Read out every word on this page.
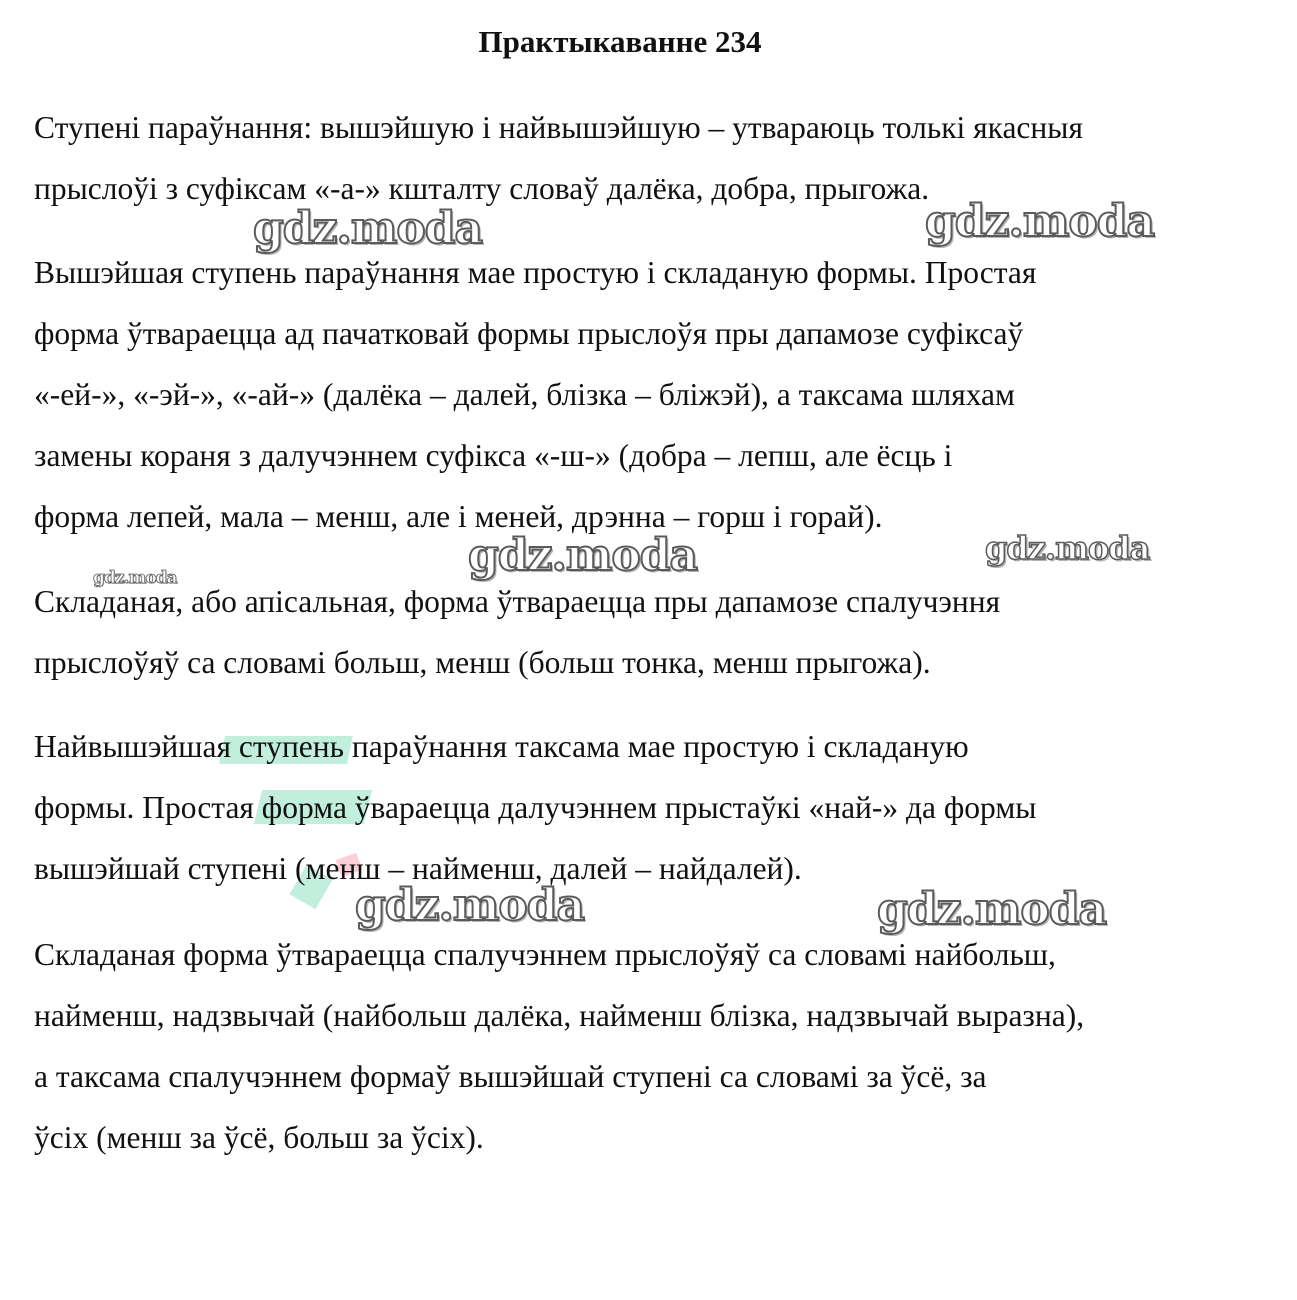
Практыкаванне 234
Ступені параўнання: вышэйшую і найвышэйшую – утвараюць толькі якасныя
прыслоўі з суфіксам «-а-» кшталту словаў далёка, добра, прыгожа.
Вышэйшая ступень параўнання мае простую і складаную формы. Простая
форма ўтвараецца ад пачатковай формы прыслоўя пры дапамозе суфіксаў
«-ей-», «-эй-», «-ай-» (далёка – далей, блізка – бліжэй), а таксама шляхам
замены кораня з далучэннем суфікса «-ш-» (добра – лепш, але ёсць і
форма лепей, мала – менш, але і меней, дрэнна – горш і горай).
Складаная, або апісальная, форма ўтвараецца пры дапамозе спалучэння
прыслоўяў са словамі больш, менш (больш тонка, менш прыгожа).
Найвышэйшая ступень параўнання таксама мае простую і складаную
формы. Простая форма ўвараецца далучэннем прыстаўкі «най-» да формы
вышэйшай ступені (менш – найменш, далей – найдалей).
Складаная форма ўтвараецца спалучэннем прыслоўяў са словамі найбольш,
найменш, надзвычай (найбольш далёка, найменш блізка, надзвычай выразна),
а таксама спалучэннем формаў вышэйшай ступені са словамі за ўсё, за
ўсіх (менш за ўсё, больш за ўсіх).
gdz.moda	gdz.moda
gdz.moda	gdz.moda
gdz.moda
gdz.moda	gdz.moda
